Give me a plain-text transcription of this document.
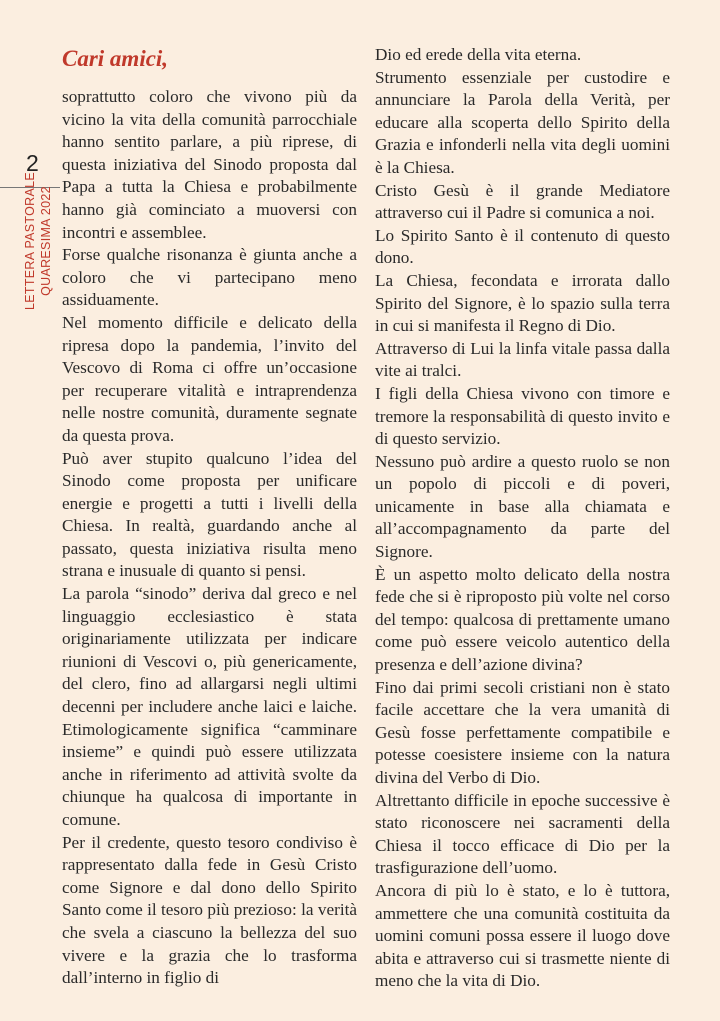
2
LETTERA PASTORALE QUARESIMA 2022
Cari amici,

soprattutto coloro che vivono più da vicino la vita della comunità parrocchiale hanno sentito parlare, a più riprese, di questa iniziativa del Sinodo proposta dal Papa a tutta la Chiesa e probabilmente hanno già cominciato a muoversi con incontri e assemblee.

Forse qualche risonanza è giunta anche a coloro che vi partecipano meno assiduamente.

Nel momento difficile e delicato della ripresa dopo la pandemia, l’invito del Vescovo di Roma ci offre un’occasione per recuperare vitalità e intraprendenza nelle nostre comunità, duramente segnate da questa prova.

Può aver stupito qualcuno l’idea del Sinodo come proposta per unificare energie e progetti a tutti i livelli della Chiesa. In realtà, guardando anche al passato, questa iniziativa risulta meno strana e inusuale di quanto si pensi.

La parola “sinodo” deriva dal greco e nel linguaggio ecclesiastico è stata originariamente utilizzata per indicare riunioni di Vescovi o, più genericamente, del clero, fino ad allargarsi negli ultimi decenni per includere anche laici e laiche. Etimologicamente significa “camminare insieme” e quindi può essere utilizzata anche in riferimento ad attività svolte da chiunque ha qualcosa di importante in comune.

Per il credente, questo tesoro condiviso è rappresentato dalla fede in Gesù Cristo come Signore e dal dono dello Spirito Santo come il tesoro più prezioso: la verità che svela a ciascuno la bellezza del suo vivere e la grazia che lo trasforma dall’interno in figlio di

Dio ed erede della vita eterna.

Strumento essenziale per custodire e annunciare la Parola della Verità, per educare alla scoperta dello Spirito della Grazia e infonderli nella vita degli uomini è la Chiesa.

Cristo Gesù è il grande Mediatore attraverso cui il Padre si comunica a noi.

Lo Spirito Santo è il contenuto di questo dono.

La Chiesa, fecondata e irrorata dallo Spirito del Signore, è lo spazio sulla terra in cui si manifesta il Regno di Dio.

Attraverso di Lui la linfa vitale passa dalla vite ai tralci.

I figli della Chiesa vivono con timore e tremore la responsabilità di questo invito e di questo servizio.

Nessuno può ardire a questo ruolo se non un popolo di piccoli e di poveri, unicamente in base alla chiamata e all’accompagnamento da parte del Signore.

È un aspetto molto delicato della nostra fede che si è riproposto più volte nel corso del tempo: qualcosa di prettamente umano come può essere veicolo autentico della presenza e dell’azione divina?

Fino dai primi secoli cristiani non è stato facile accettare che la vera umanità di Gesù fosse perfettamente compatibile e potesse coesistere insieme con la natura divina del Verbo di Dio.

Altrettanto difficile in epoche successive è stato riconoscere nei sacramenti della Chiesa il tocco efficace di Dio per la trasfigurazione dell’uomo.

Ancora di più lo è stato, e lo è tuttora, ammettere che una comunità costituita da uomini comuni possa essere il luogo dove abita e attraverso cui si trasmette niente di meno che la vita di Dio.
